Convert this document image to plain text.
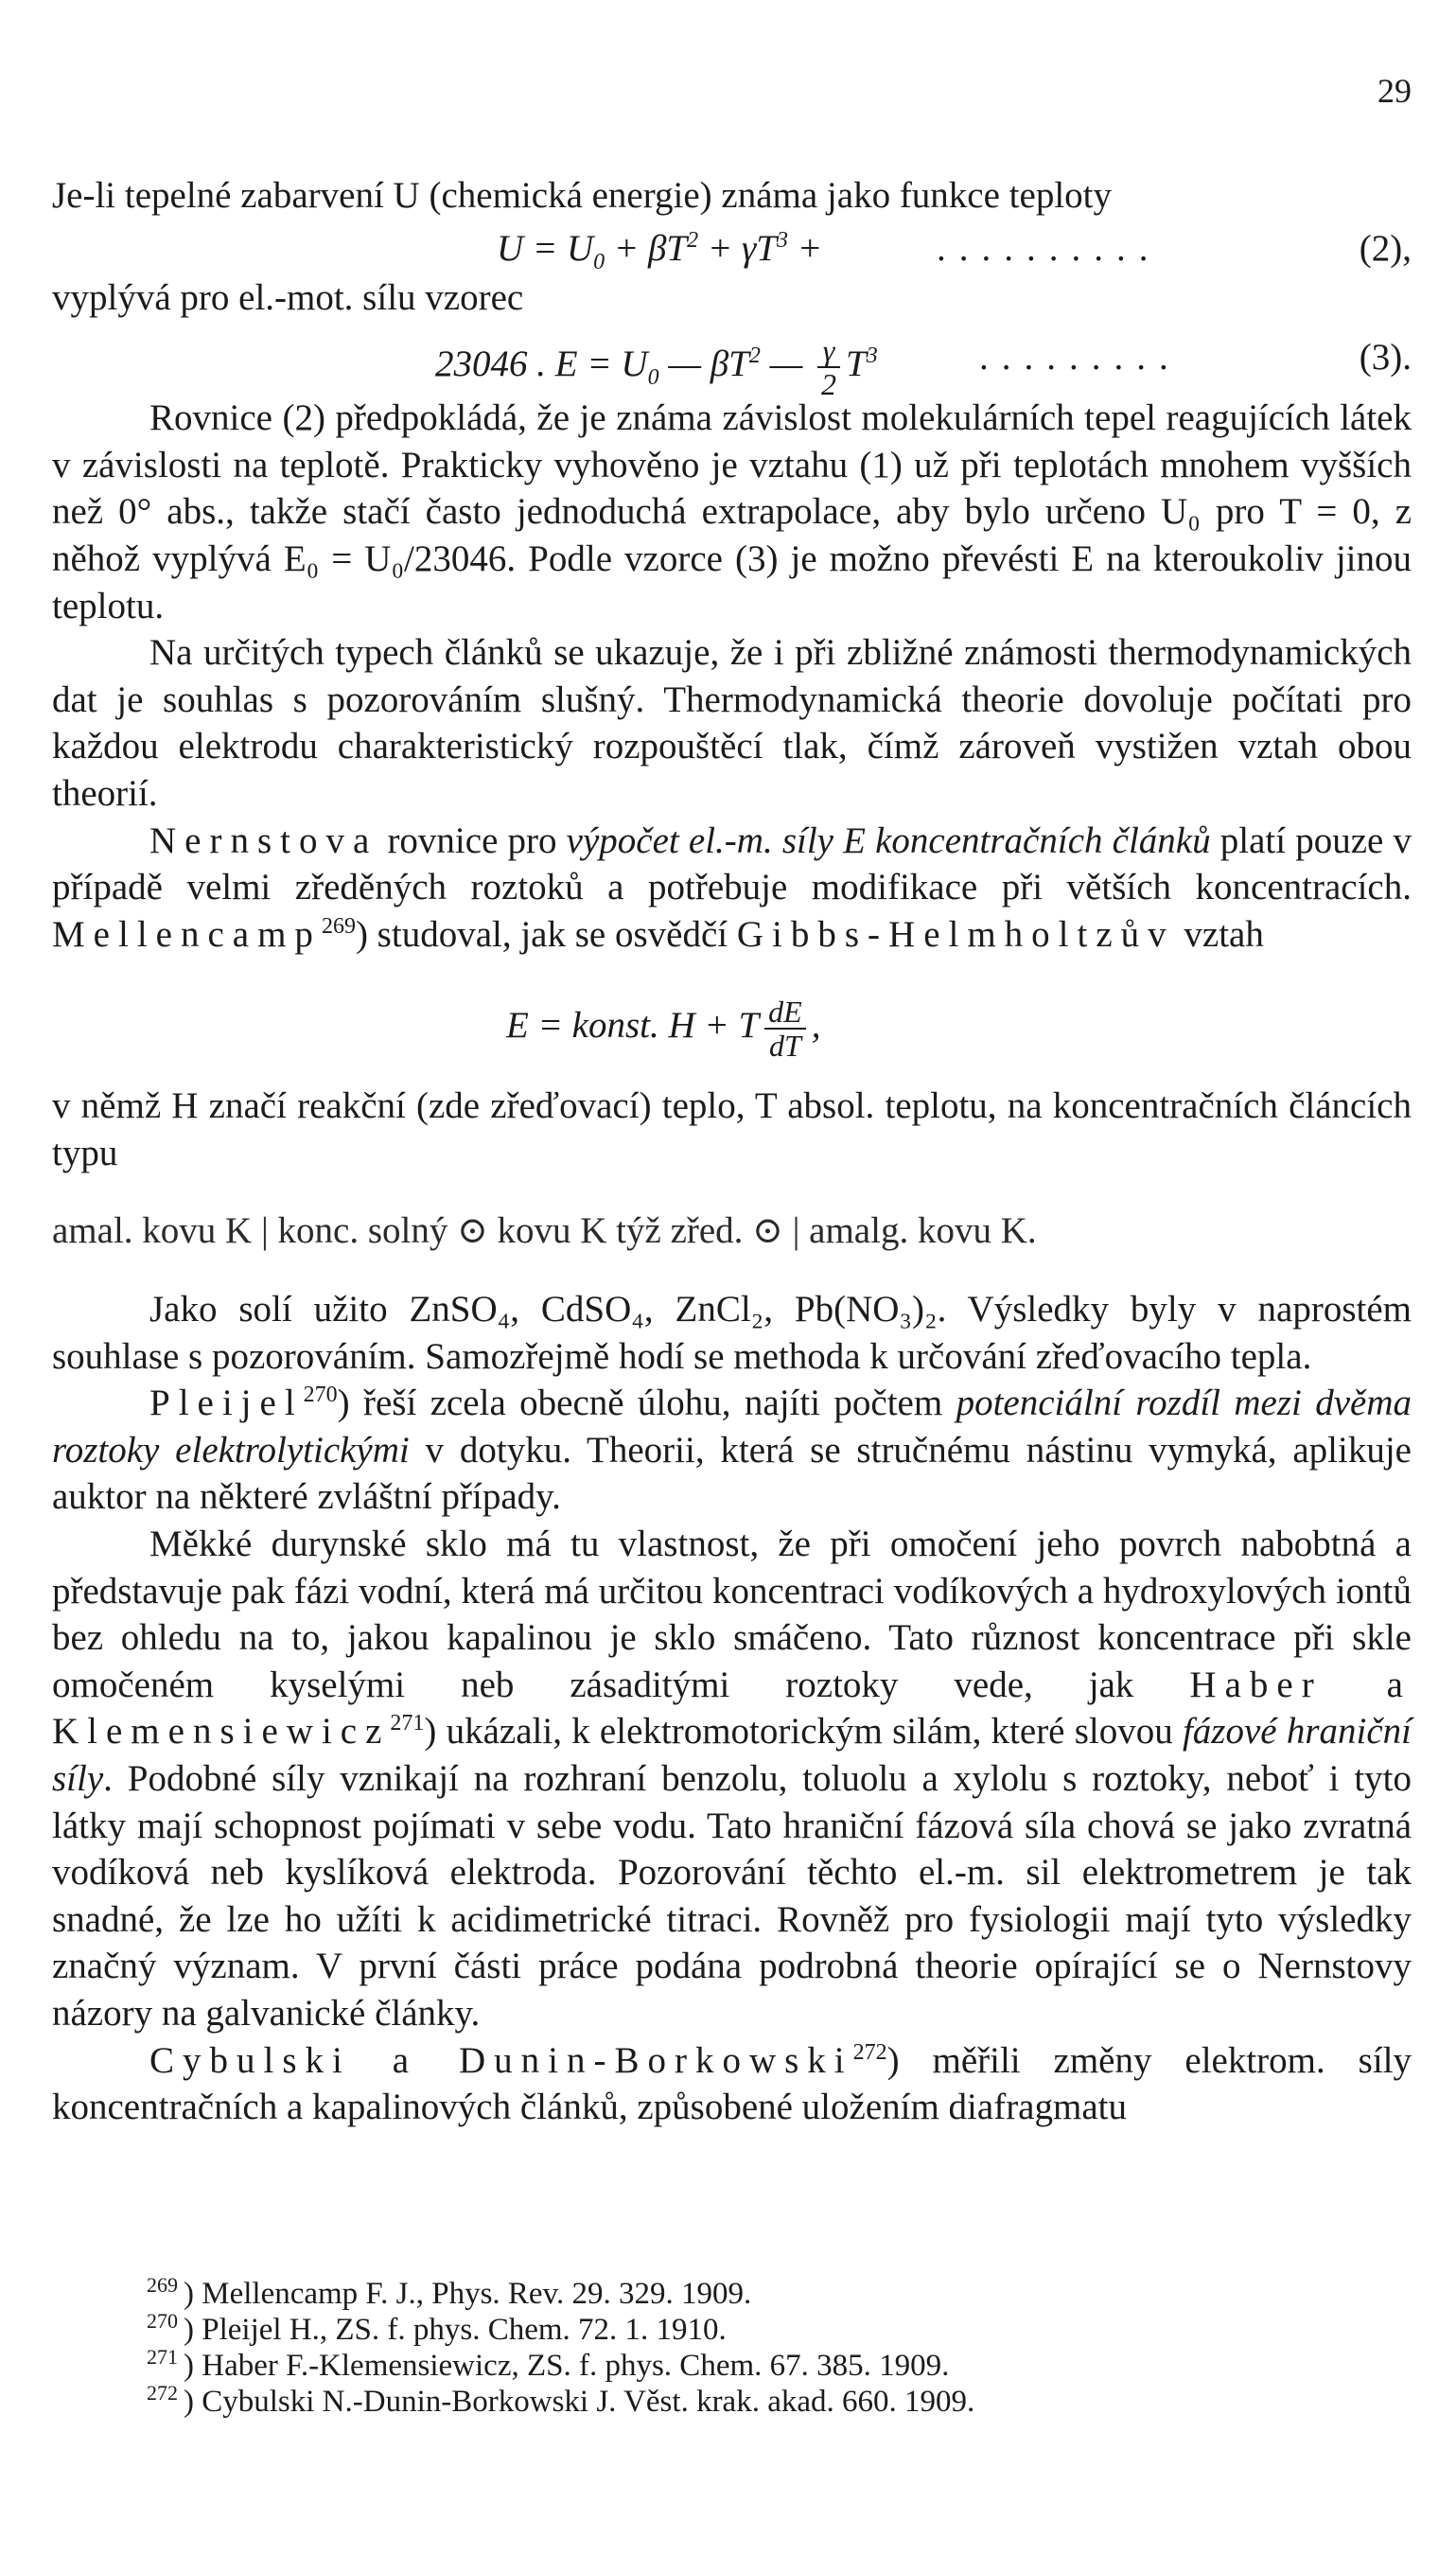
29

Je-li tepelné zabarvení U (chemická energie) známa jako funkce teploty

$U = U_0 + \beta T^2 + \gamma T^3$ +	..........	(2),

vyplývá pro el.-mot. sílu vzorec

23046 . $E = U_0$ — $\beta T^2$ — $\frac{\gamma}{2} T^3$	.........	(3).

Rovnice (2) předpokládá, že je známa závislost molekulárních tepel reagujících látek v závislosti na teplotě. Prakticky vyhověno je vztahu (1) už při teplotách mnohem vyšších než 0° abs., takže stačí často jednoduchá extrapolace, aby bylo určeno U₀ pro T = 0, z něhož vyplývá E₀ = U₀/23046. Podle vzorce (3) je možno převésti E na kteroukoliv jinou teplotu.

Na určitých typech článků se ukazuje, že i při zbližné známosti thermodynamických dat je souhlas s pozorováním slušný. Thermodynamická theorie dovoluje počítati pro každou elektrodu charakteristický rozpouštěcí tlak, čímž zároveň vystižen vztah obou theorií.

Nernstova rovnice pro výpočet el.-m. síly E koncentračních článků platí pouze v případě velmi zředěných roztoků a potřebuje modifikace při větších koncentracích. Mellencamp$^{269}$) studoval, jak se osvědčí Gibbs-Helmholtzův vztah

E = konst. H + T $\frac{dE}{dT}$ ,

v němž H značí reakční (zde zřeďovací) teplo, T absol. teplotu, na koncentračních článcích typu

amal. kovu K | konc. solný ⊙ kovu K týž zřed. ⊙ | amalg. kovu K.

Jako solí užito ZnSO₄, CdSO₄, ZnCl₂, Pb(NO₃)₂. Výsledky byly v naprostém souhlase s pozorováním. Samozřejmě hodí se methoda k určování zřeďovacího tepla.

Pleijel$^{270}$) řeší zcela obecně úlohu, najíti počtem potenciální rozdíl mezi dvěma roztoky elektrolytickými v dotyku. Theorii, která se stručnému nástinu vymyká, aplikuje auktor na některé zvláštní případy.

Měkké durynské sklo má tu vlastnost, že při omočení jeho povrch nabobtná a představuje pak fázi vodní, která má určitou koncentraci vodíkových a hydroxylových iontů bez ohledu na to, jakou kapalinou je sklo smáčeno. Tato různost koncentrace při skle omočeném kyselými neb zásaditými roztoky vede, jak Haber a Klemensiewicz$^{271}$) ukázali, k elektromotorickým silám, které slovou fázové hraniční síly. Podobné síly vznikají na rozhraní benzolu, toluolu a xylolu s roztoky, neboť i tyto látky mají schopnost pojímati v sebe vodu. Tato hraniční fázová síla chová se jako zvratná vodíková neb kyslíková elektroda. Pozorování těchto el.-m. sil elektrometrem je tak snadné, že lze ho užíti k acidimetrické titraci. Rovněž pro fysiologii mají tyto výsledky značný význam. V první části práce podána podrobná theorie opírající se o Nernstovy názory na galvanické články.

Cybulski a Dunin-Borkowski$^{272}$) měřili změny elektrom. síly koncentračních a kapalinových článků, způsobené uložením diafragmatu

$^{269}$ ) Mellencamp F. J., Phys. Rev. 29. 329. 1909.
$^{270}$ ) Pleijel H., ZS. f. phys. Chem. 72. 1. 1910.
$^{271}$ ) Haber F.-Klemensiewicz, ZS. f. phys. Chem. 67. 385. 1909.
$^{272}$ ) Cybulski N.-Dunin-Borkowski J. Věst. krak. akad. 660. 1909.
